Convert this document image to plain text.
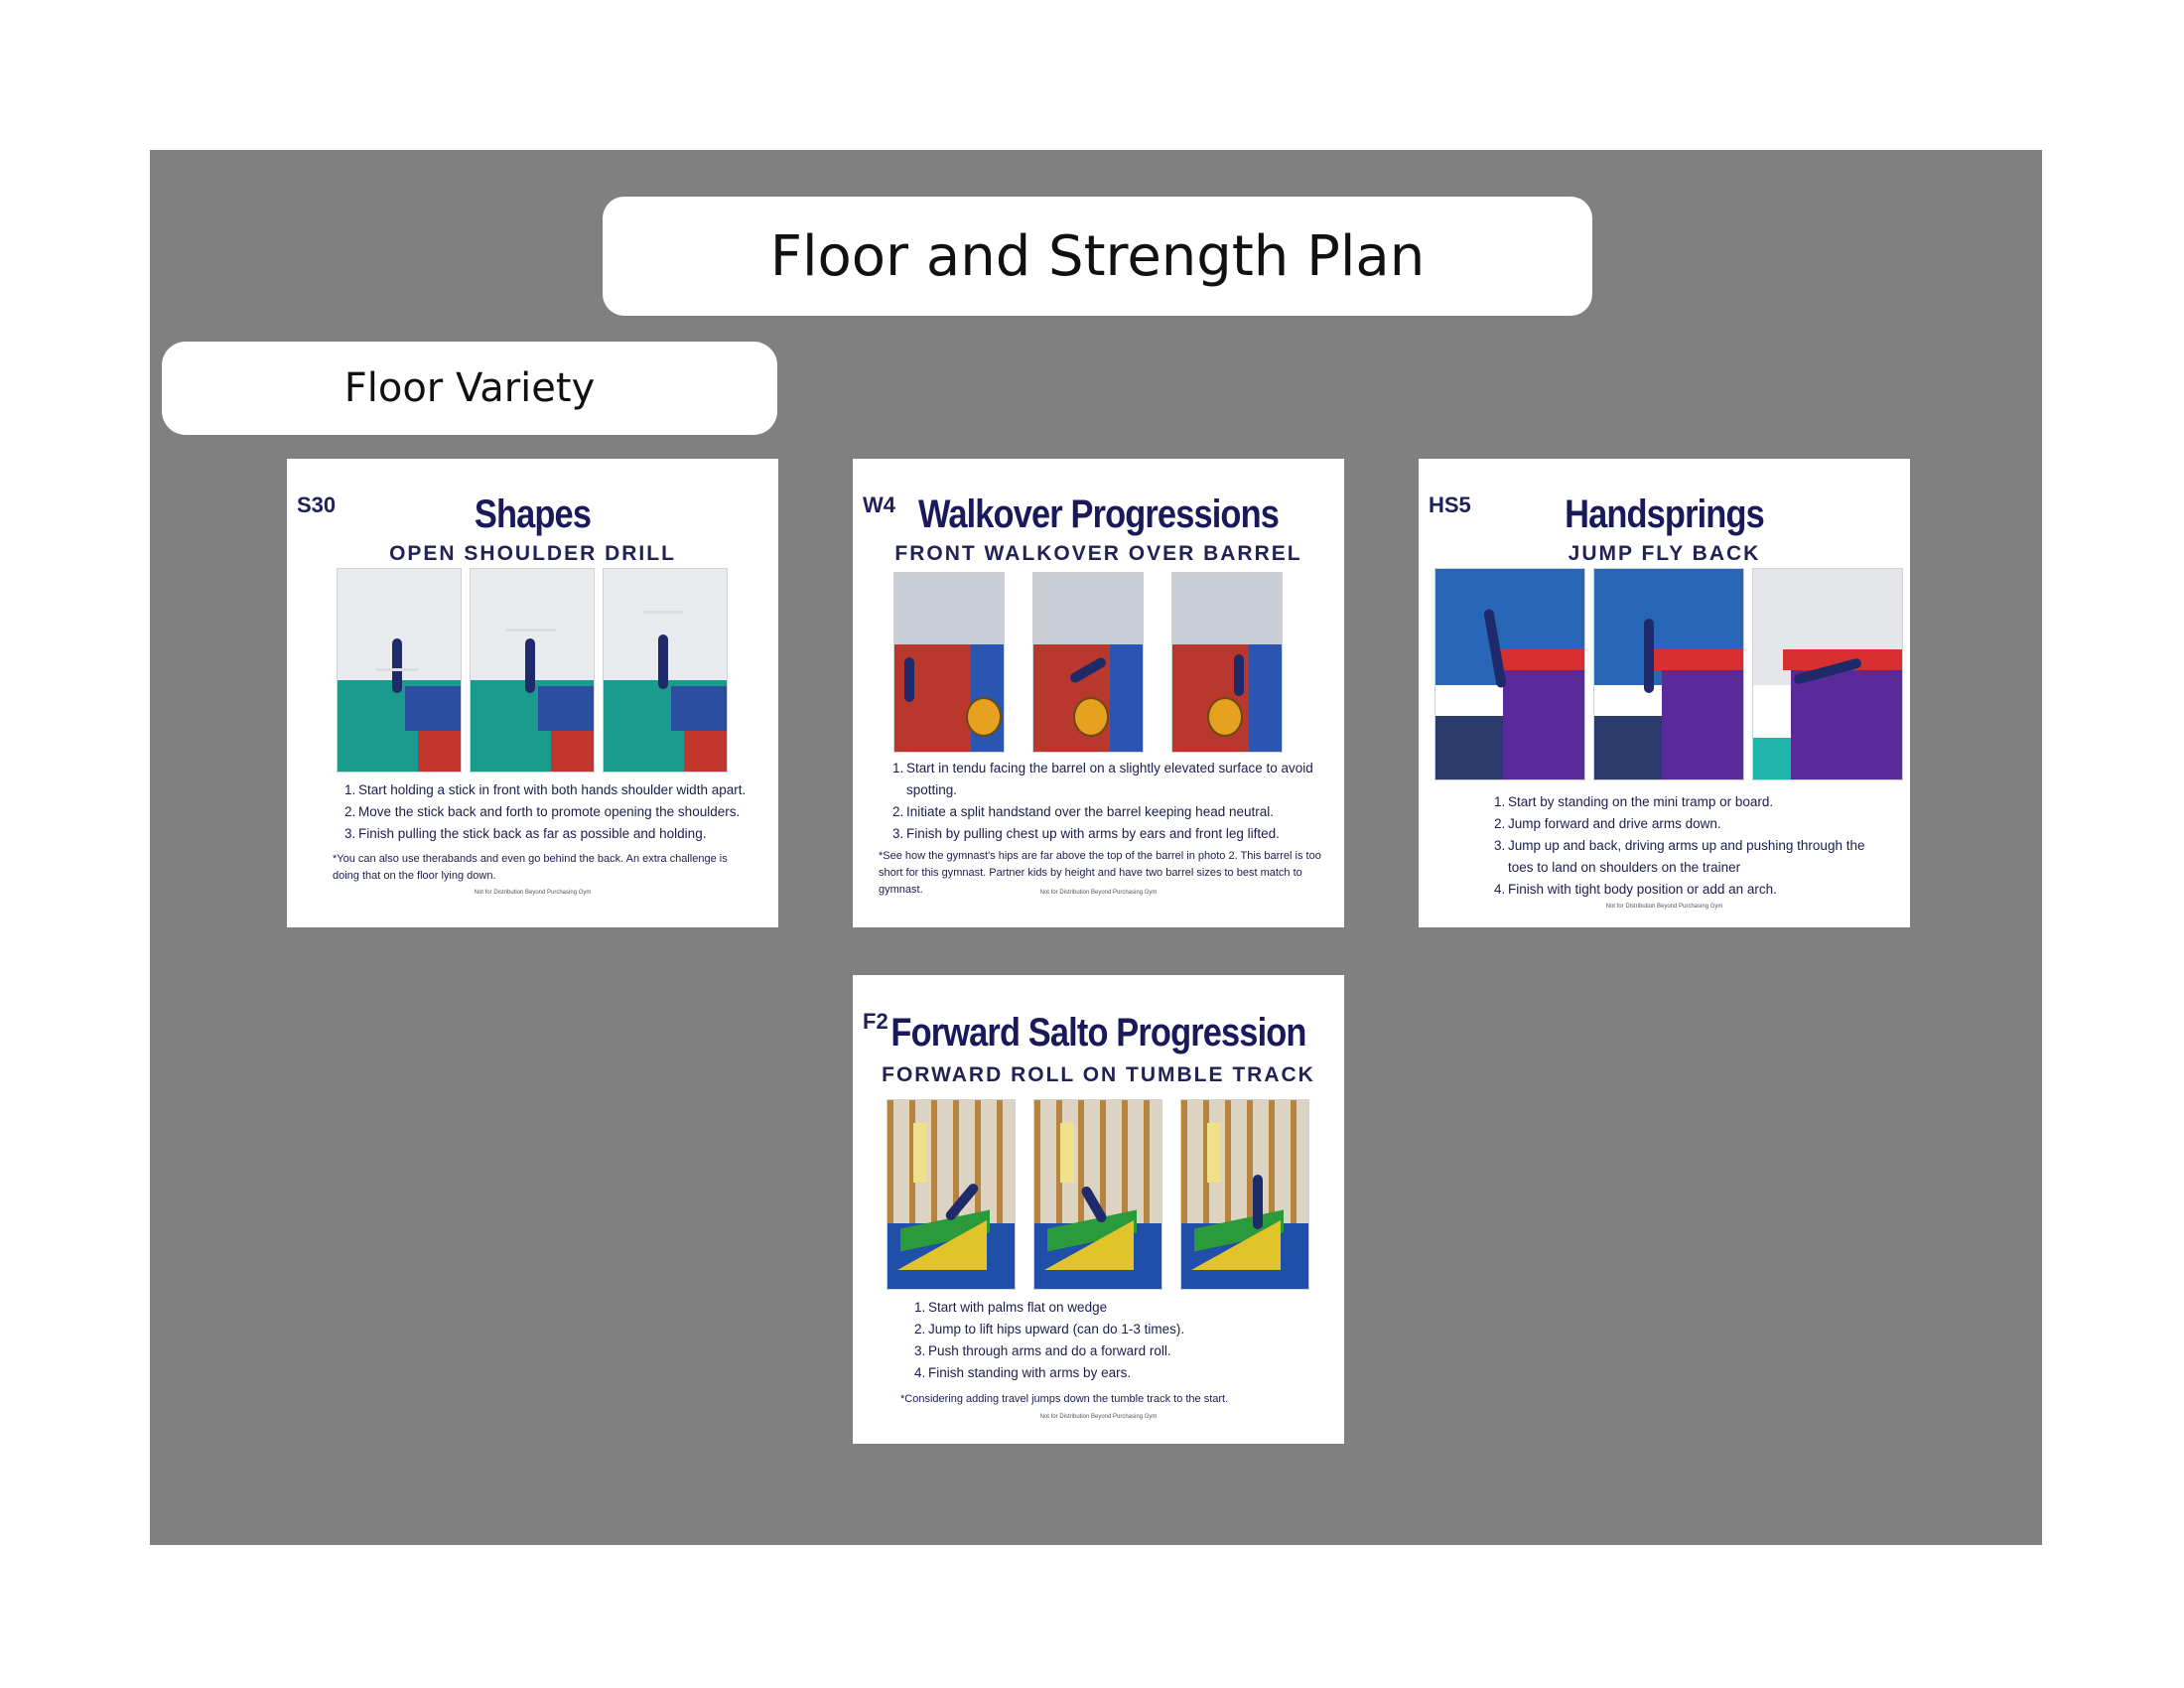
Floor and Strength Plan
Floor Variety
S30	Shapes
OPEN SHOULDER DRILL
1. Start holding a stick in front with both hands shoulder width apart.
2. Move the stick back and forth to promote opening the shoulders.
3. Finish pulling the stick back as far as possible and holding.
*You can also use therabands and even go behind the back. An extra challenge is doing that on the floor lying down.
Not for Distribution Beyond Purchasing Gym
W4 Walkover Progressions
FRONT WALKOVER OVER BARREL
1. Start in tendu facing the barrel on a slightly elevated surface to avoid spotting.
2. Initiate a split handstand over the barrel keeping head neutral.
3. Finish by pulling chest up with arms by ears and front leg lifted.
*See how the gymnast's hips are far above the top of the barrel in photo 2. This barrel is too short for this gymnast. Partner kids by height and have two barrel sizes to best match to gymnast.	Not for Distribution Beyond Purchasing Gym
HS5	Handsprings
JUMP FLY BACK
1. Start by standing on the mini tramp or board.
2. Jump forward and drive arms down.
3. Jump up and back, driving arms up and pushing through the toes to land on shoulders on the trainer
4. Finish with tight body position or add an arch.
Not for Distribution Beyond Purchasing Gym
F2 Forward Salto Progression
FORWARD ROLL ON TUMBLE TRACK
1. Start with palms flat on wedge
2. Jump to lift hips upward (can do 1-3 times).
3. Push through arms and do a forward roll.
4. Finish standing with arms by ears.
*Considering adding travel jumps down the tumble track to the start.
Not for Distribution Beyond Purchasing Gym
